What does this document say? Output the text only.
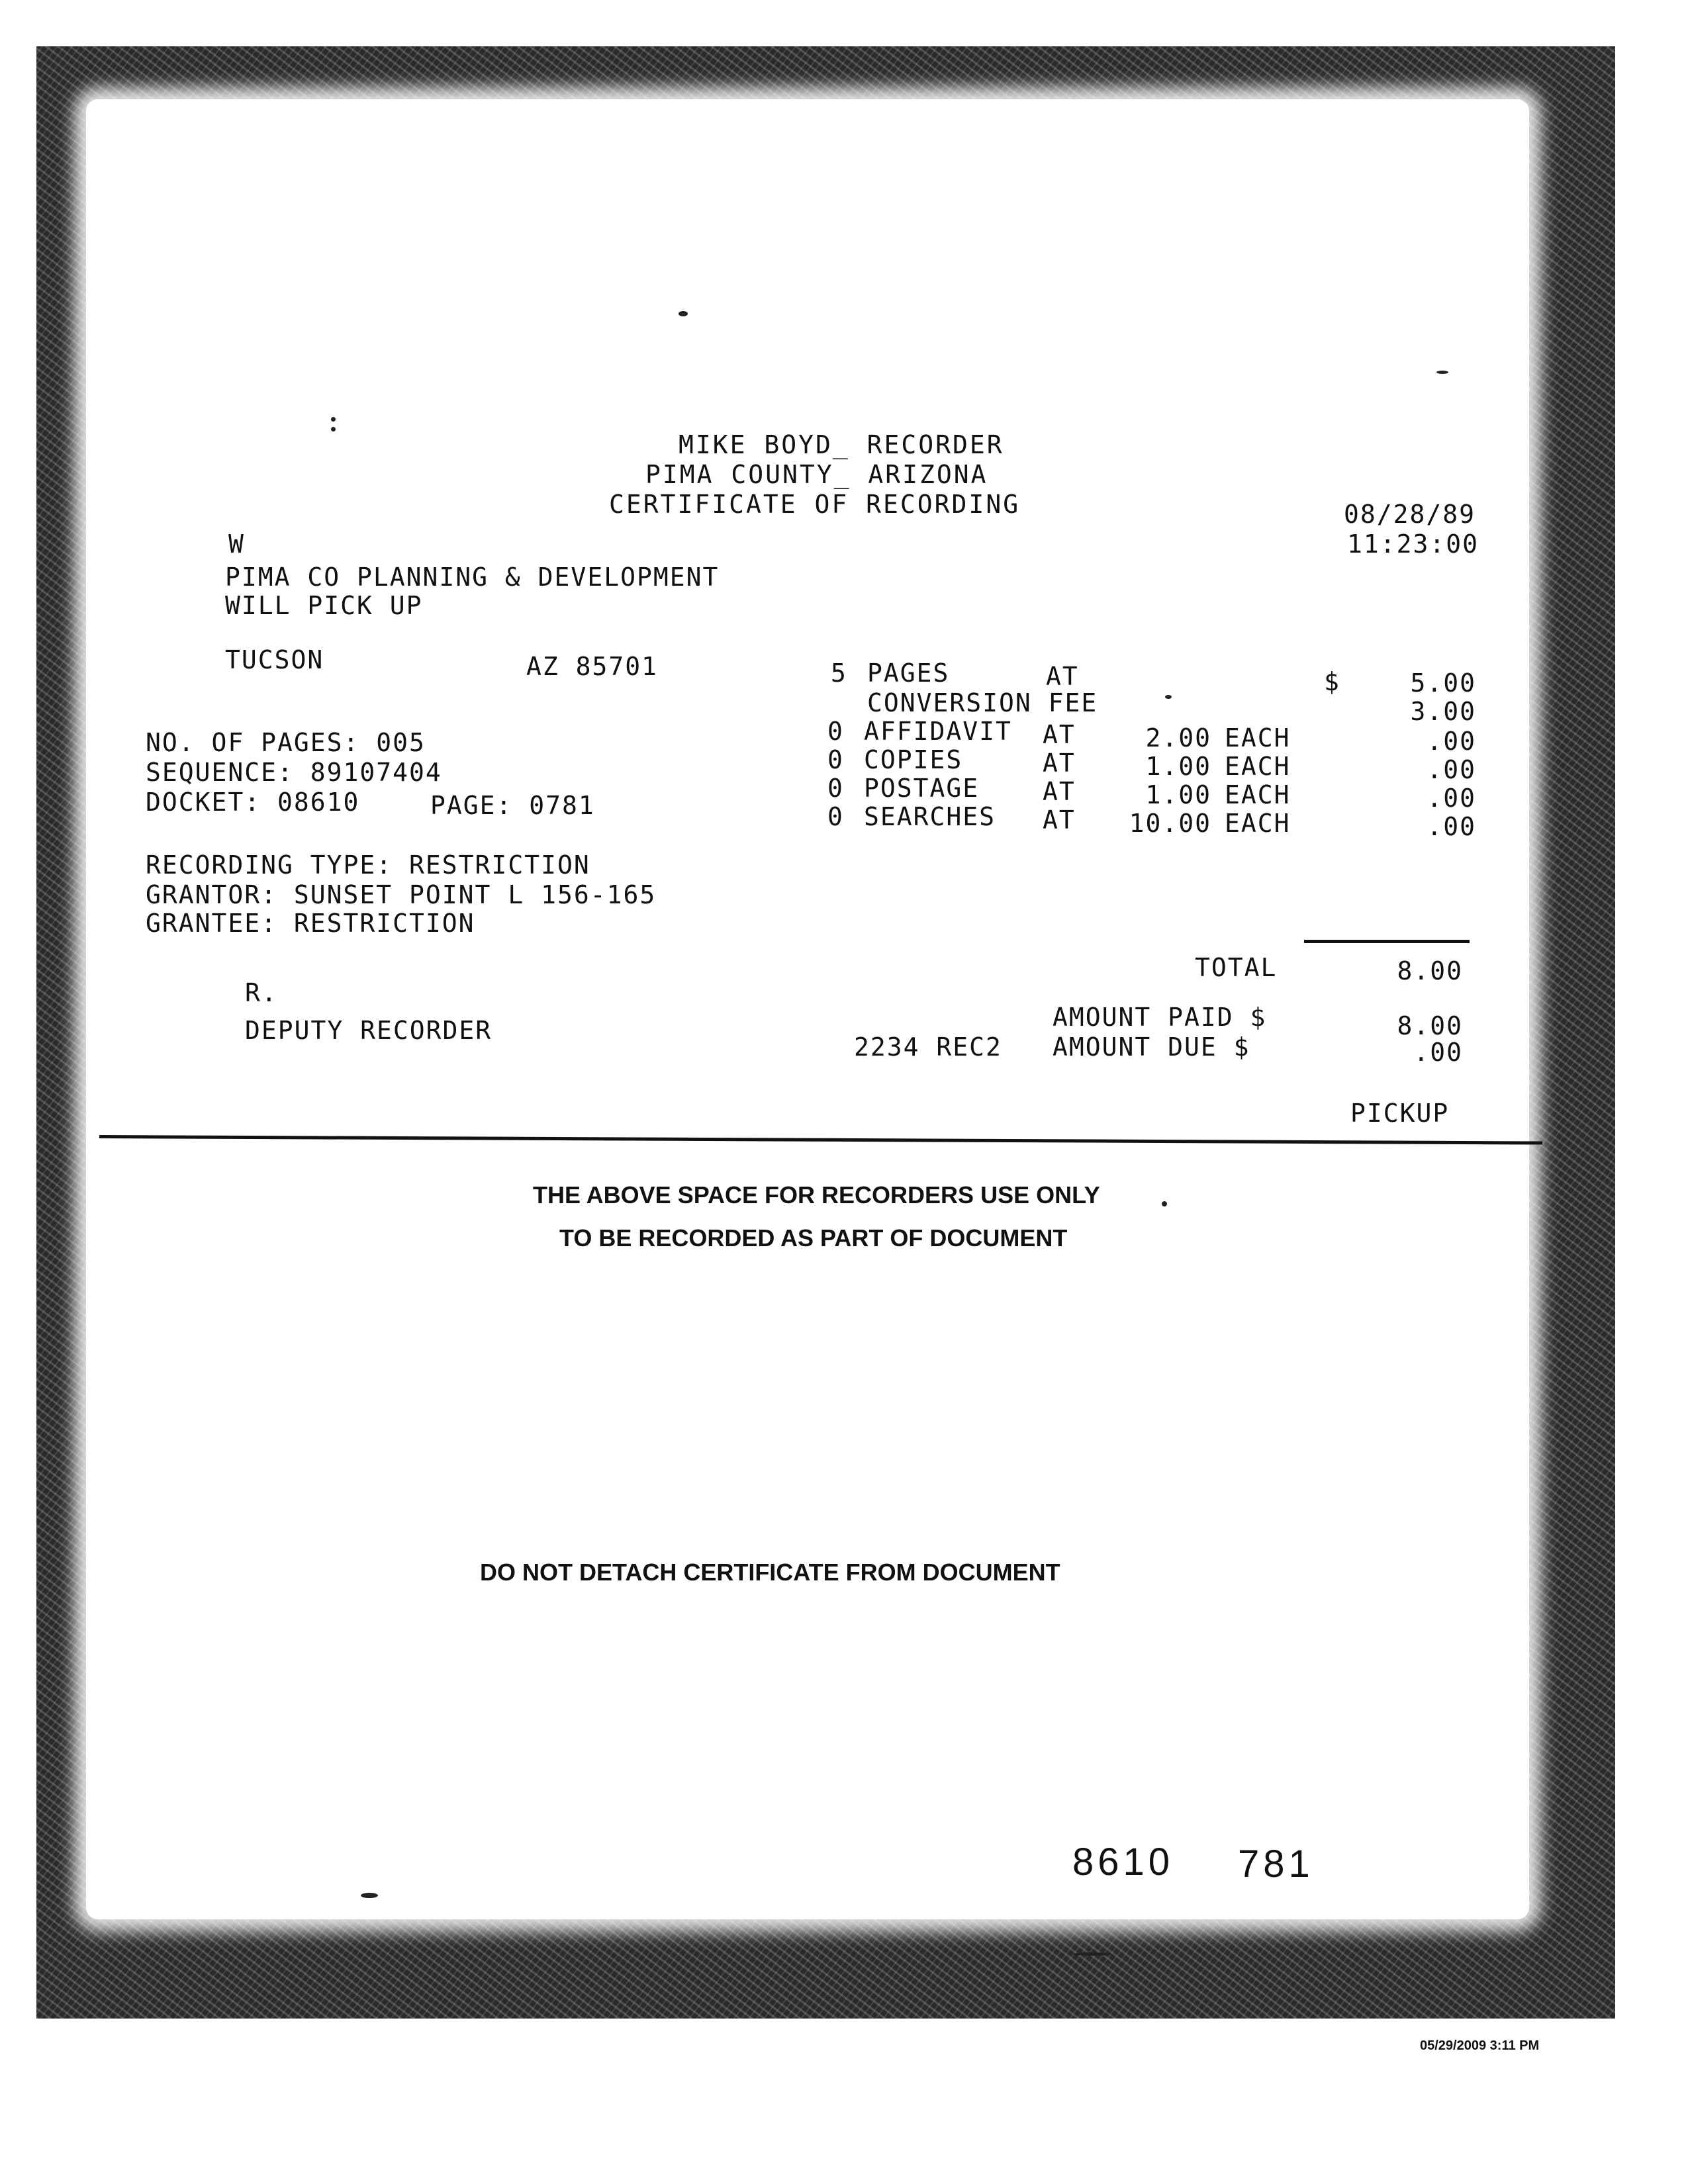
MIKE BOYD_ RECORDER
PIMA COUNTY_ ARIZONA
CERTIFICATE OF RECORDING	08/28/89
11:23:00
W
PIMA CO PLANNING & DEVELOPMENT
WILL PICK UP
TUCSON	AZ 85701
NO. OF PAGES: 005
SEQUENCE: 89107404
DOCKET: 08610	PAGE: 0781
RECORDING TYPE: RESTRICTION
GRANTOR: SUNSET POINT L 156-165
GRANTEE: RESTRICTION
$
5 PAGES	AT	5.00
CONVERSION FEE	3.00
0 AFFIDAVIT AT	2.00 EACH	.00
0 COPIES	AT	1.00 EACH	.00
0 POSTAGE	AT	1.00 EACH	.00
0 SEARCHES AT	10.00 EACH	.00
TOTAL	8.00
AMOUNT PAID $	8.00
2234 REC2 AMOUNT DUE $	.00
PICKUP
R.
DEPUTY RECORDER
THE ABOVE SPACE FOR RECORDERS USE ONLY
TO BE RECORDED AS PART OF DOCUMENT
DO NOT DETACH CERTIFICATE FROM DOCUMENT
8610 781
05/29/2009 3:11 PM
